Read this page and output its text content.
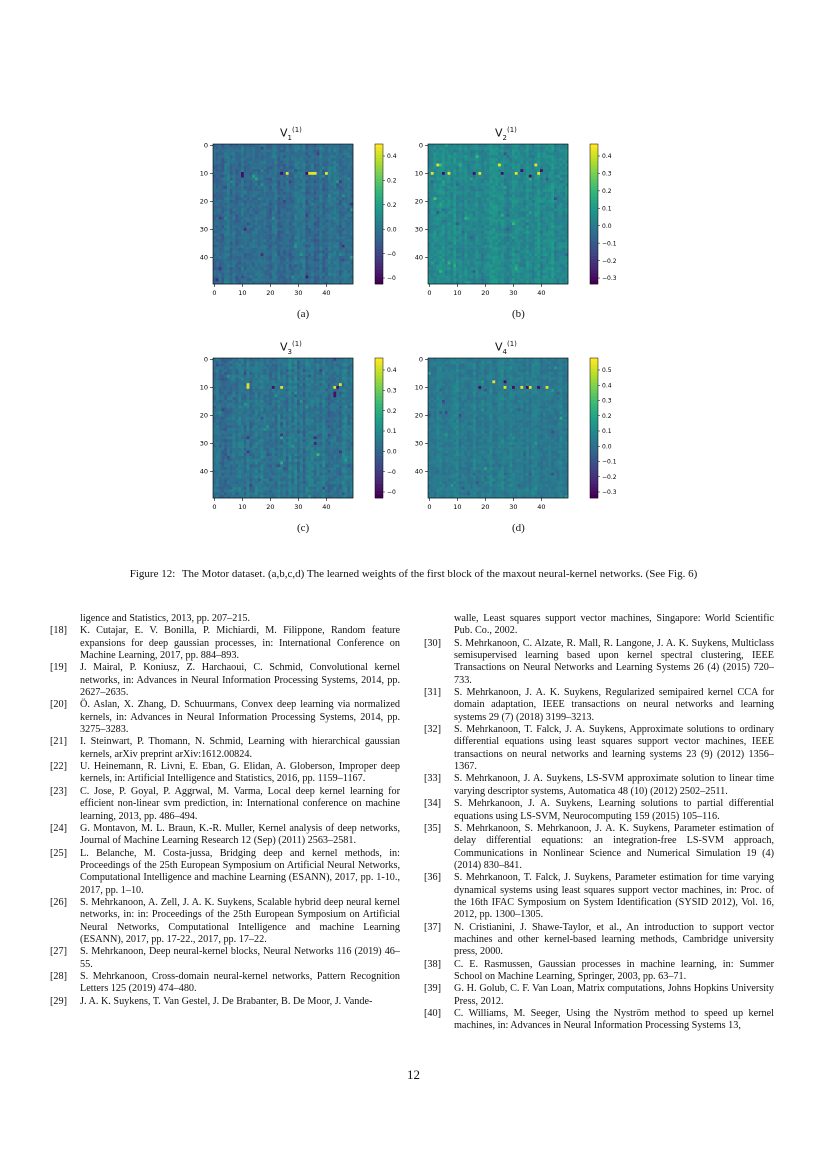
$V_1^{(1)}$
0	10	20	30	40
0
10
20
30
40
0.4
0.2
0.2
0.0
−0
−0
(a)
$V_2^{(1)}$
0	10	20	30	40
0
10
20
30
40
0.4
0.3
0.2
0.1
0.0
−0.1
−0.2
−0.3
(b)
$V_3^{(1)}$
0	10	20	30	40
0
10
20
30
40
0.4
0.3
0.2
0.1
0.0
−0
−0
(c)
$V_4^{(1)}$
0	10	20	30	40
0
10
20
30
40
0.5
0.4
0.3
0.2
0.1
0.0
−0.1
−0.2
−0.3
(d)
Figure 12: The Motor dataset. (a,b,c,d) The learned weights of the first block of the maxout neural-kernel networks. (See Fig. 6)

ligence and Statistics, 2013, pp. 207–215.

[18] K. Cutajar, E. V. Bonilla, P. Michiardi, M. Filippone, Random feature expansions for deep gaussian processes, in: International Conference on Machine Learning, 2017, pp. 884–893.

[19] J. Mairal, P. Koniusz, Z. Harchaoui, C. Schmid, Convolutional kernel networks, in: Advances in Neural Information Processing Systems, 2014, pp. 2627–2635.

[20] Ö. Aslan, X. Zhang, D. Schuurmans, Convex deep learning via normalized kernels, in: Advances in Neural Information Processing Systems, 2014, pp. 3275–3283.

[21] I. Steinwart, P. Thomann, N. Schmid, Learning with hierarchical gaussian kernels, arXiv preprint arXiv:1612.00824.

[22] U. Heinemann, R. Livni, E. Eban, G. Elidan, A. Globerson, Improper deep kernels, in: Artificial Intelligence and Statistics, 2016, pp. 1159–1167.

[23] C. Jose, P. Goyal, P. Aggrwal, M. Varma, Local deep kernel learning for efficient non-linear svm prediction, in: International conference on machine learning, 2013, pp. 486–494.

[24] G. Montavon, M. L. Braun, K.-R. Muller, Kernel analysis of deep networks, Journal of Machine Learning Research 12 (Sep) (2011) 2563–2581.

[25] L. Belanche, M. Costa-jussa, Bridging deep and kernel methods, in: Proceedings of the 25th European Symposium on Artificial Neural Networks, Computational Intelligence and machine Learning (ESANN), 2017, pp. 1-10., 2017, pp. 1–10.

[26] S. Mehrkanoon, A. Zell, J. A. K. Suykens, Scalable hybrid deep neural kernel networks, in: in: Proceedings of the 25th European Symposium on Artificial Neural Networks, Computational Intelligence and machine Learning (ESANN), 2017, pp. 17-22., 2017, pp. 17–22.

[27] S. Mehrkanoon, Deep neural-kernel blocks, Neural Networks 116 (2019) 46–55.

[28] S. Mehrkanoon, Cross-domain neural-kernel networks, Pattern Recognition Letters 125 (2019) 474–480.

[29] J. A. K. Suykens, T. Van Gestel, J. De Brabanter, B. De Moor, J. Vande-

walle, Least squares support vector machines, Singapore: World Scientific Pub. Co., 2002.

[30] S. Mehrkanoon, C. Alzate, R. Mall, R. Langone, J. A. K. Suykens, Multiclass semisupervised learning based upon kernel spectral clustering, IEEE Transactions on Neural Networks and Learning Systems 26 (4) (2015) 720–733.

[31] S. Mehrkanoon, J. A. K. Suykens, Regularized semipaired kernel CCA for domain adaptation, IEEE transactions on neural networks and learning systems 29 (7) (2018) 3199–3213.

[32] S. Mehrkanoon, T. Falck, J. A. Suykens, Approximate solutions to ordinary differential equations using least squares support vector machines, IEEE transactions on neural networks and learning systems 23 (9) (2012) 1356–1367.

[33] S. Mehrkanoon, J. A. Suykens, LS-SVM approximate solution to linear time varying descriptor systems, Automatica 48 (10) (2012) 2502–2511.

[34] S. Mehrkanoon, J. A. Suykens, Learning solutions to partial differential equations using LS-SVM, Neurocomputing 159 (2015) 105–116.

[35] S. Mehrkanoon, S. Mehrkanoon, J. A. K. Suykens, Parameter estimation of delay differential equations: an integration-free LS-SVM approach, Communications in Nonlinear Science and Numerical Simulation 19 (4) (2014) 830–841.

[36] S. Mehrkanoon, T. Falck, J. Suykens, Parameter estimation for time varying dynamical systems using least squares support vector machines, in: Proc. of the 16th IFAC Symposium on System Identification (SYSID 2012), Vol. 16, 2012, pp. 1300–1305.

[37] N. Cristianini, J. Shawe-Taylor, et al., An introduction to support vector machines and other kernel-based learning methods, Cambridge university press, 2000.

[38] C. E. Rasmussen, Gaussian processes in machine learning, in: Summer School on Machine Learning, Springer, 2003, pp. 63–71.

[39] G. H. Golub, C. F. Van Loan, Matrix computations, Johns Hopkins University Press, 2012.

[40] C. Williams, M. Seeger, Using the Nyström method to speed up kernel machines, in: Advances in Neural Information Processing Systems 13,

12
